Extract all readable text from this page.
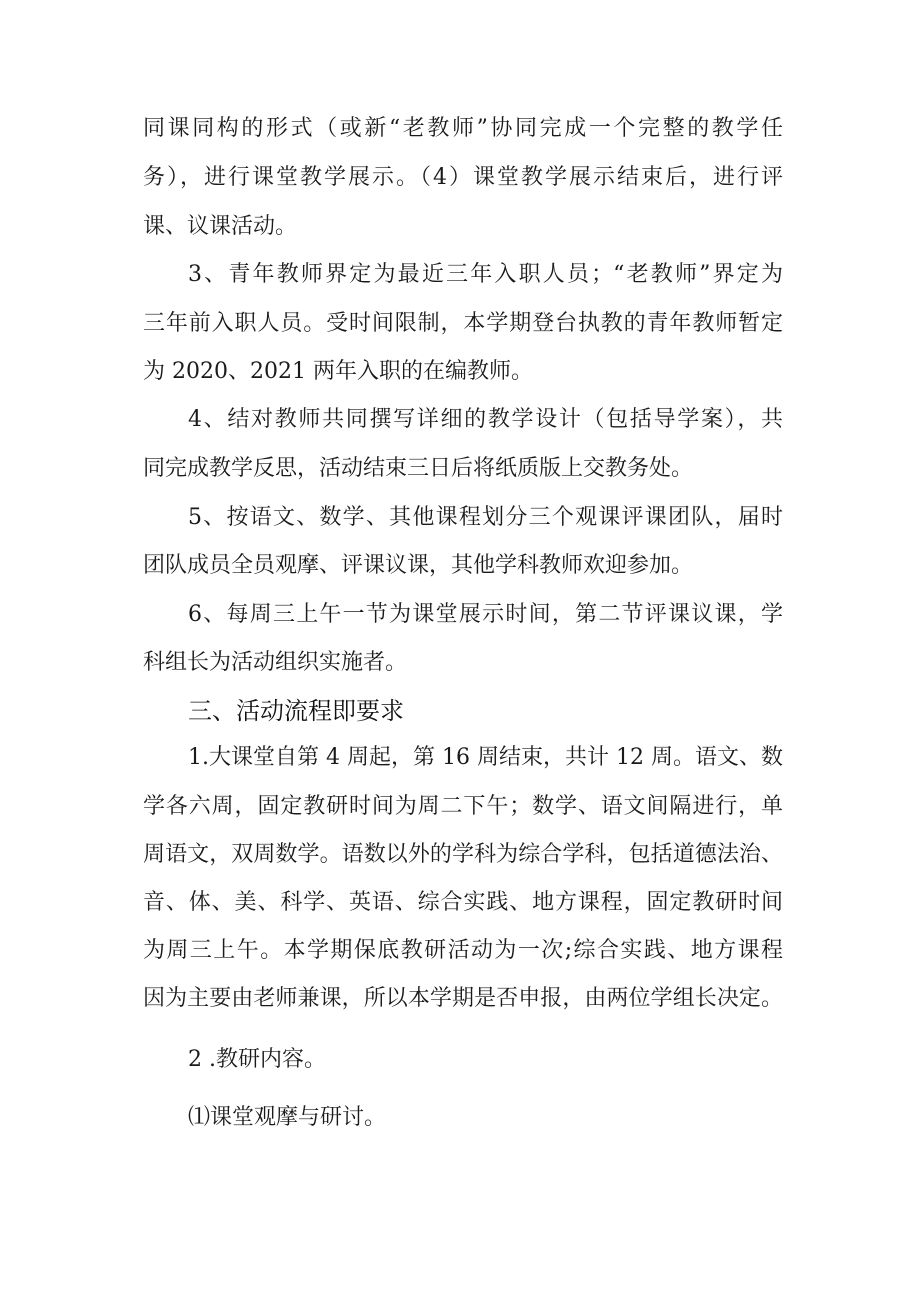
同课同构的形式（或新“老教师”协同完成一个完整的教学任
务），进行课堂教学展示。（4）课堂教学展示结束后，进行评
课、议课活动。
3、青年教师界定为最近三年入职人员；“老教师”界定为
三年前入职人员。受时间限制，本学期登台执教的青年教师暂定
为 2020、2021 两年入职的在编教师。
4、结对教师共同撰写详细的教学设计（包括导学案），共
同完成教学反思，活动结束三日后将纸质版上交教务处。
5、按语文、数学、其他课程划分三个观课评课团队，届时
团队成员全员观摩、评课议课，其他学科教师欢迎参加。
6、每周三上午一节为课堂展示时间，第二节评课议课，学
科组长为活动组织实施者。
三、活动流程即要求
1.大课堂自第 4 周起，第 16 周结束，共计 12 周。语文、数
学各六周，固定教研时间为周二下午；数学、语文间隔进行，单
周语文，双周数学。语数以外的学科为综合学科，包括道德法治、
音、体、美、科学、英语、综合实践、地方课程，固定教研时间
为周三上午。本学期保底教研活动为一次;综合实践、地方课程
因为主要由老师兼课，所以本学期是否申报，由两位学组长决定。
2 .教研内容。
⑴课堂观摩与研讨。
